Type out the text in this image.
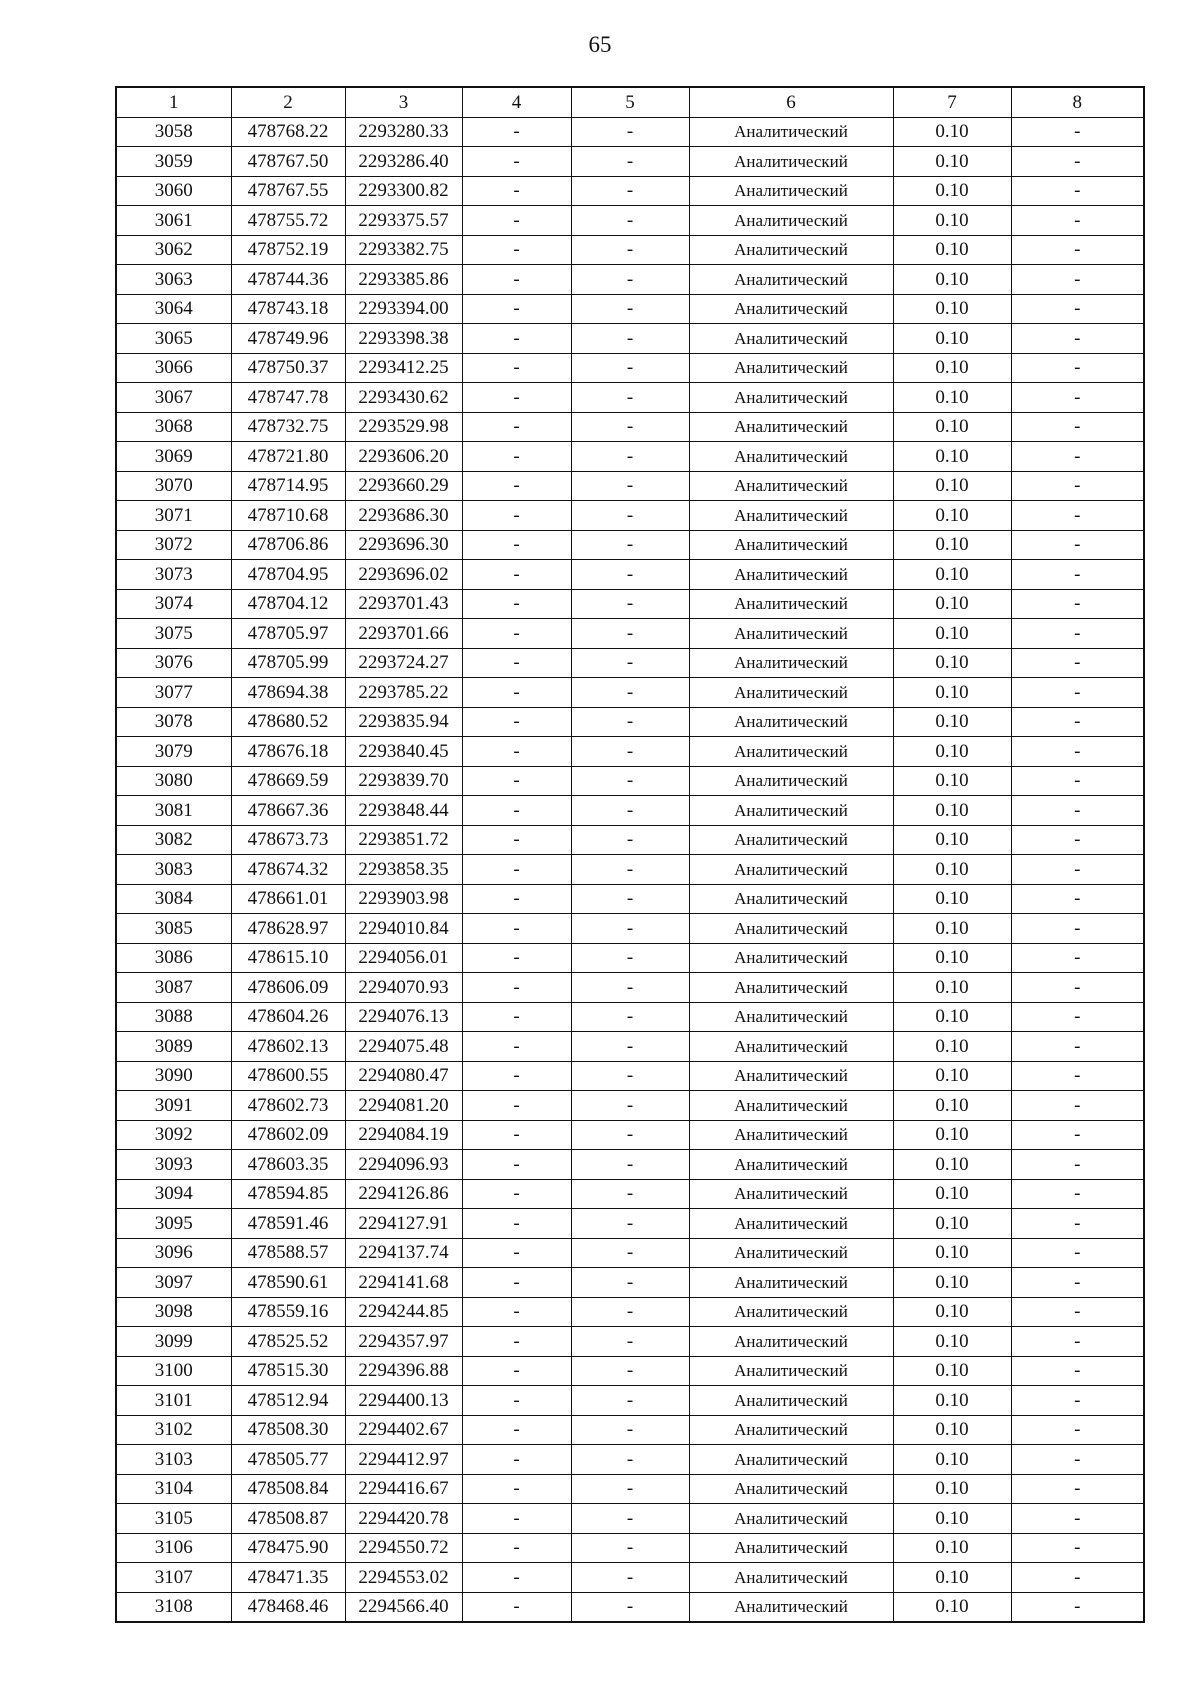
65
1	2	3	4	5	6	7	8
3058	478768.22	2293280.33	-	-	Аналитический	0.10	-
3059	478767.50	2293286.40	-	-	Аналитический	0.10	-
3060	478767.55	2293300.82	-	-	Аналитический	0.10	-
3061	478755.72	2293375.57	-	-	Аналитический	0.10	-
3062	478752.19	2293382.75	-	-	Аналитический	0.10	-
3063	478744.36	2293385.86	-	-	Аналитический	0.10	-
3064	478743.18	2293394.00	-	-	Аналитический	0.10	-
3065	478749.96	2293398.38	-	-	Аналитический	0.10	-
3066	478750.37	2293412.25	-	-	Аналитический	0.10	-
3067	478747.78	2293430.62	-	-	Аналитический	0.10	-
3068	478732.75	2293529.98	-	-	Аналитический	0.10	-
3069	478721.80	2293606.20	-	-	Аналитический	0.10	-
3070	478714.95	2293660.29	-	-	Аналитический	0.10	-
3071	478710.68	2293686.30	-	-	Аналитический	0.10	-
3072	478706.86	2293696.30	-	-	Аналитический	0.10	-
3073	478704.95	2293696.02	-	-	Аналитический	0.10	-
3074	478704.12	2293701.43	-	-	Аналитический	0.10	-
3075	478705.97	2293701.66	-	-	Аналитический	0.10	-
3076	478705.99	2293724.27	-	-	Аналитический	0.10	-
3077	478694.38	2293785.22	-	-	Аналитический	0.10	-
3078	478680.52	2293835.94	-	-	Аналитический	0.10	-
3079	478676.18	2293840.45	-	-	Аналитический	0.10	-
3080	478669.59	2293839.70	-	-	Аналитический	0.10	-
3081	478667.36	2293848.44	-	-	Аналитический	0.10	-
3082	478673.73	2293851.72	-	-	Аналитический	0.10	-
3083	478674.32	2293858.35	-	-	Аналитический	0.10	-
3084	478661.01	2293903.98	-	-	Аналитический	0.10	-
3085	478628.97	2294010.84	-	-	Аналитический	0.10	-
3086	478615.10	2294056.01	-	-	Аналитический	0.10	-
3087	478606.09	2294070.93	-	-	Аналитический	0.10	-
3088	478604.26	2294076.13	-	-	Аналитический	0.10	-
3089	478602.13	2294075.48	-	-	Аналитический	0.10	-
3090	478600.55	2294080.47	-	-	Аналитический	0.10	-
3091	478602.73	2294081.20	-	-	Аналитический	0.10	-
3092	478602.09	2294084.19	-	-	Аналитический	0.10	-
3093	478603.35	2294096.93	-	-	Аналитический	0.10	-
3094	478594.85	2294126.86	-	-	Аналитический	0.10	-
3095	478591.46	2294127.91	-	-	Аналитический	0.10	-
3096	478588.57	2294137.74	-	-	Аналитический	0.10	-
3097	478590.61	2294141.68	-	-	Аналитический	0.10	-
3098	478559.16	2294244.85	-	-	Аналитический	0.10	-
3099	478525.52	2294357.97	-	-	Аналитический	0.10	-
3100	478515.30	2294396.88	-	-	Аналитический	0.10	-
3101	478512.94	2294400.13	-	-	Аналитический	0.10	-
3102	478508.30	2294402.67	-	-	Аналитический	0.10	-
3103	478505.77	2294412.97	-	-	Аналитический	0.10	-
3104	478508.84	2294416.67	-	-	Аналитический	0.10	-
3105	478508.87	2294420.78	-	-	Аналитический	0.10	-
3106	478475.90	2294550.72	-	-	Аналитический	0.10	-
3107	478471.35	2294553.02	-	-	Аналитический	0.10	-
3108	478468.46	2294566.40	-	-	Аналитический	0.10	-
